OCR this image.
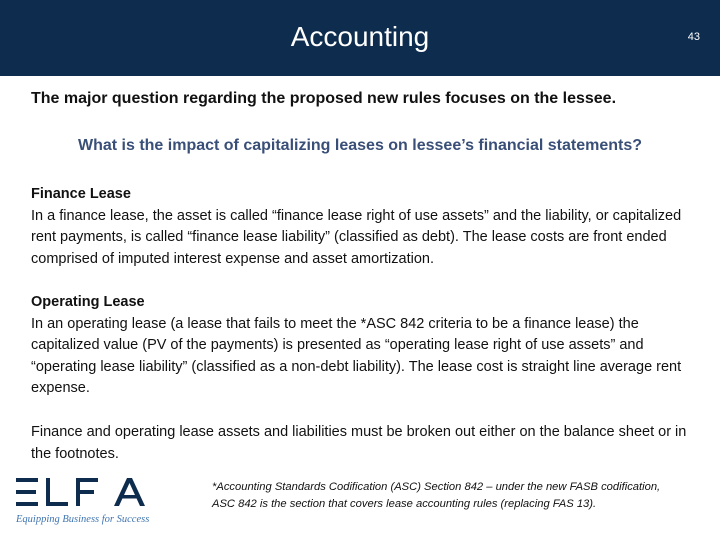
Accounting	43
The major question regarding the proposed new rules focuses on the lessee.
What is the impact of capitalizing leases on lessee’s financial statements?
Finance Lease
In a finance lease, the asset is called “finance lease right of use assets” and the liability, or capitalized rent payments, is called “finance lease liability” (classified as debt). The lease costs are front ended comprised of imputed interest expense and asset amortization.
Operating Lease
In an operating lease (a lease that fails to meet the *ASC 842 criteria to be a finance lease) the capitalized value (PV of the payments) is presented as “operating lease right of use assets” and “operating lease liability” (classified as a non-debt liability). The lease cost is straight line average rent expense.
Finance and operating lease assets and liabilities must be broken out either on the balance sheet or in the footnotes.
Equipping Business for Success
*Accounting Standards Codification (ASC) Section 842 – under the new FASB codification, ASC 842 is the section that covers lease accounting rules (replacing FAS 13).
